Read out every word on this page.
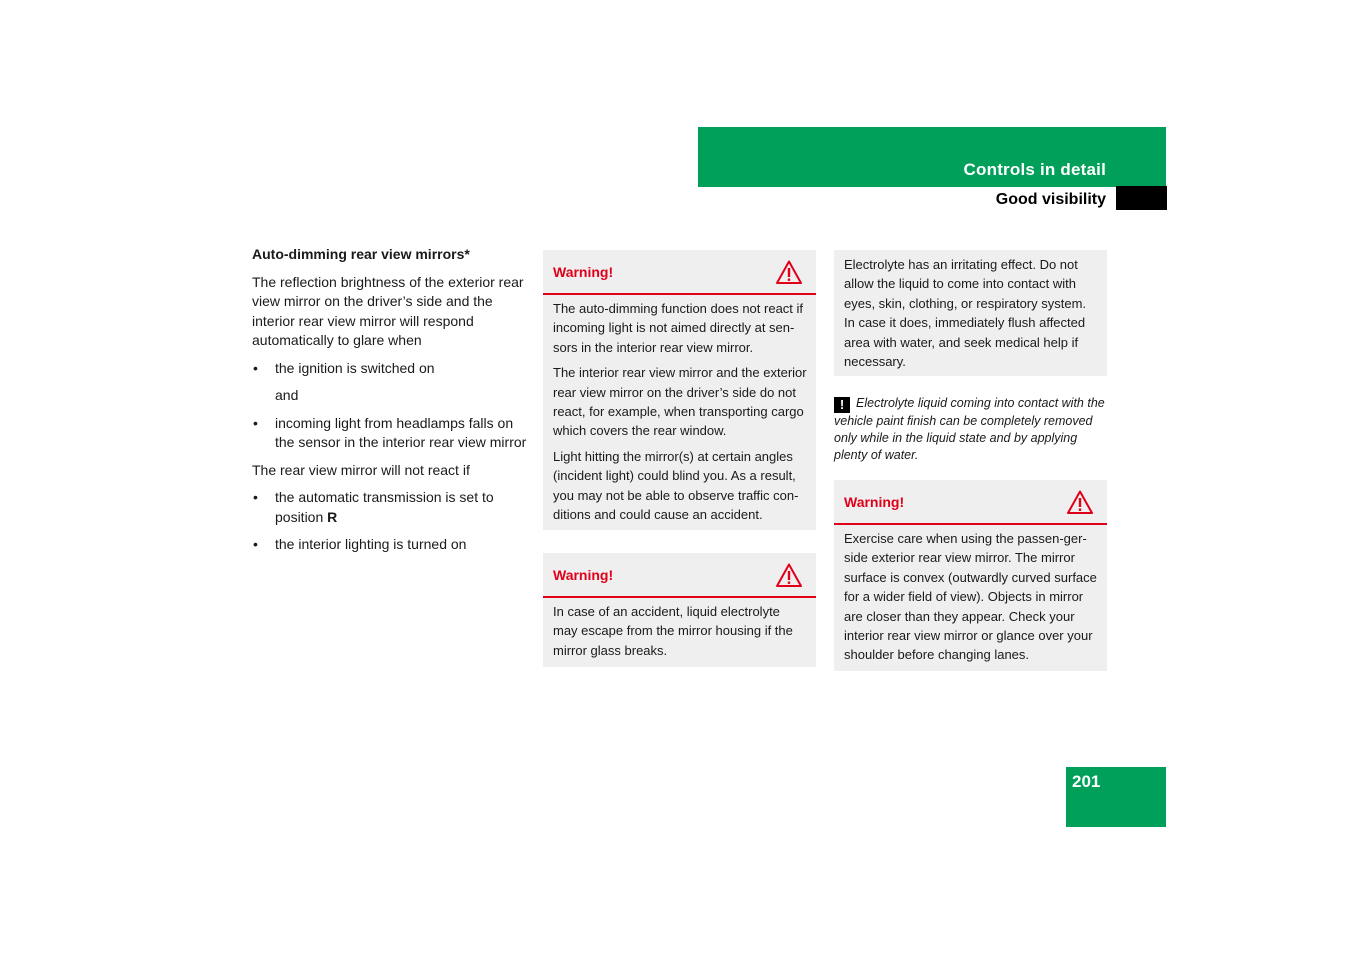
Controls in detail
Good visibility
Auto-dimming rear view mirrors*

The reflection brightness of the exterior rear view mirror on the driver’s side and the interior rear view mirror will respond automatically to glare when

• the ignition is switched on

and

• incoming light from headlamps falls on the sensor in the interior rear view mirror

The rear view mirror will not react if

• the automatic transmission is set to position R
• the interior lighting is turned on
Warning!

The auto-dimming function does not react if incoming light is not aimed directly at sen-sors in the interior rear view mirror.

The interior rear view mirror and the exterior rear view mirror on the driver’s side do not react, for example, when transporting cargo which covers the rear window.

Light hitting the mirror(s) at certain angles (incident light) could blind you. As a result, you may not be able to observe traffic con-ditions and could cause an accident.

Warning!

In case of an accident, liquid electrolyte may escape from the mirror housing if the mirror glass breaks.

Electrolyte has an irritating effect. Do not allow the liquid to come into contact with eyes, skin, clothing, or respiratory system. In case it does, immediately flush affected area with water, and seek medical help if necessary.

! Electrolyte liquid coming into contact with the vehicle paint finish can be completely removed only while in the liquid state and by applying plenty of water.
Warning!

Exercise care when using the passen-ger-side exterior rear view mirror. The mirror surface is convex (outwardly curved surface for a wider field of view). Objects in mirror are closer than they appear. Check your interior rear view mirror or glance over your shoulder before changing lanes.

201
